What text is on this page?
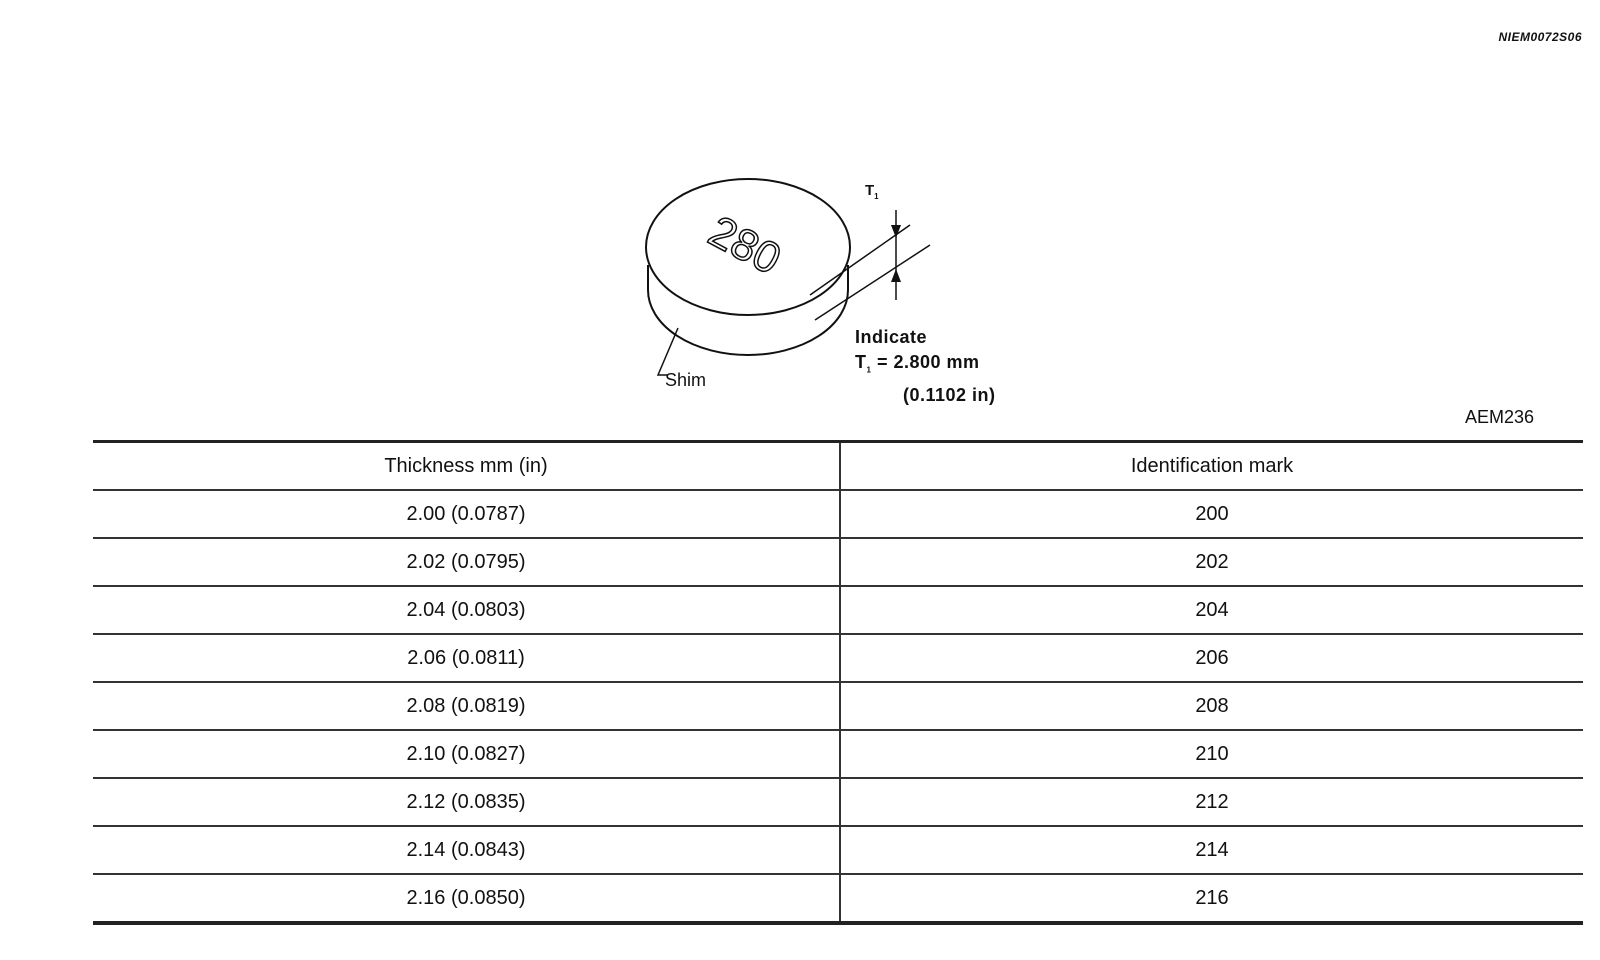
NIEM0072S06
280
$T_1$
Indicate
$T_1 = 2.800$ mm
(0.1102 in)
Shim
AEM236
Thickness mm (in)	Identification mark
2.00 (0.0787)	200
2.02 (0.0795)	202
2.04 (0.0803)	204
2.06 (0.0811)	206
2.08 (0.0819)	208
2.10 (0.0827)	210
2.12 (0.0835)	212
2.14 (0.0843)	214
2.16 (0.0850)	216
